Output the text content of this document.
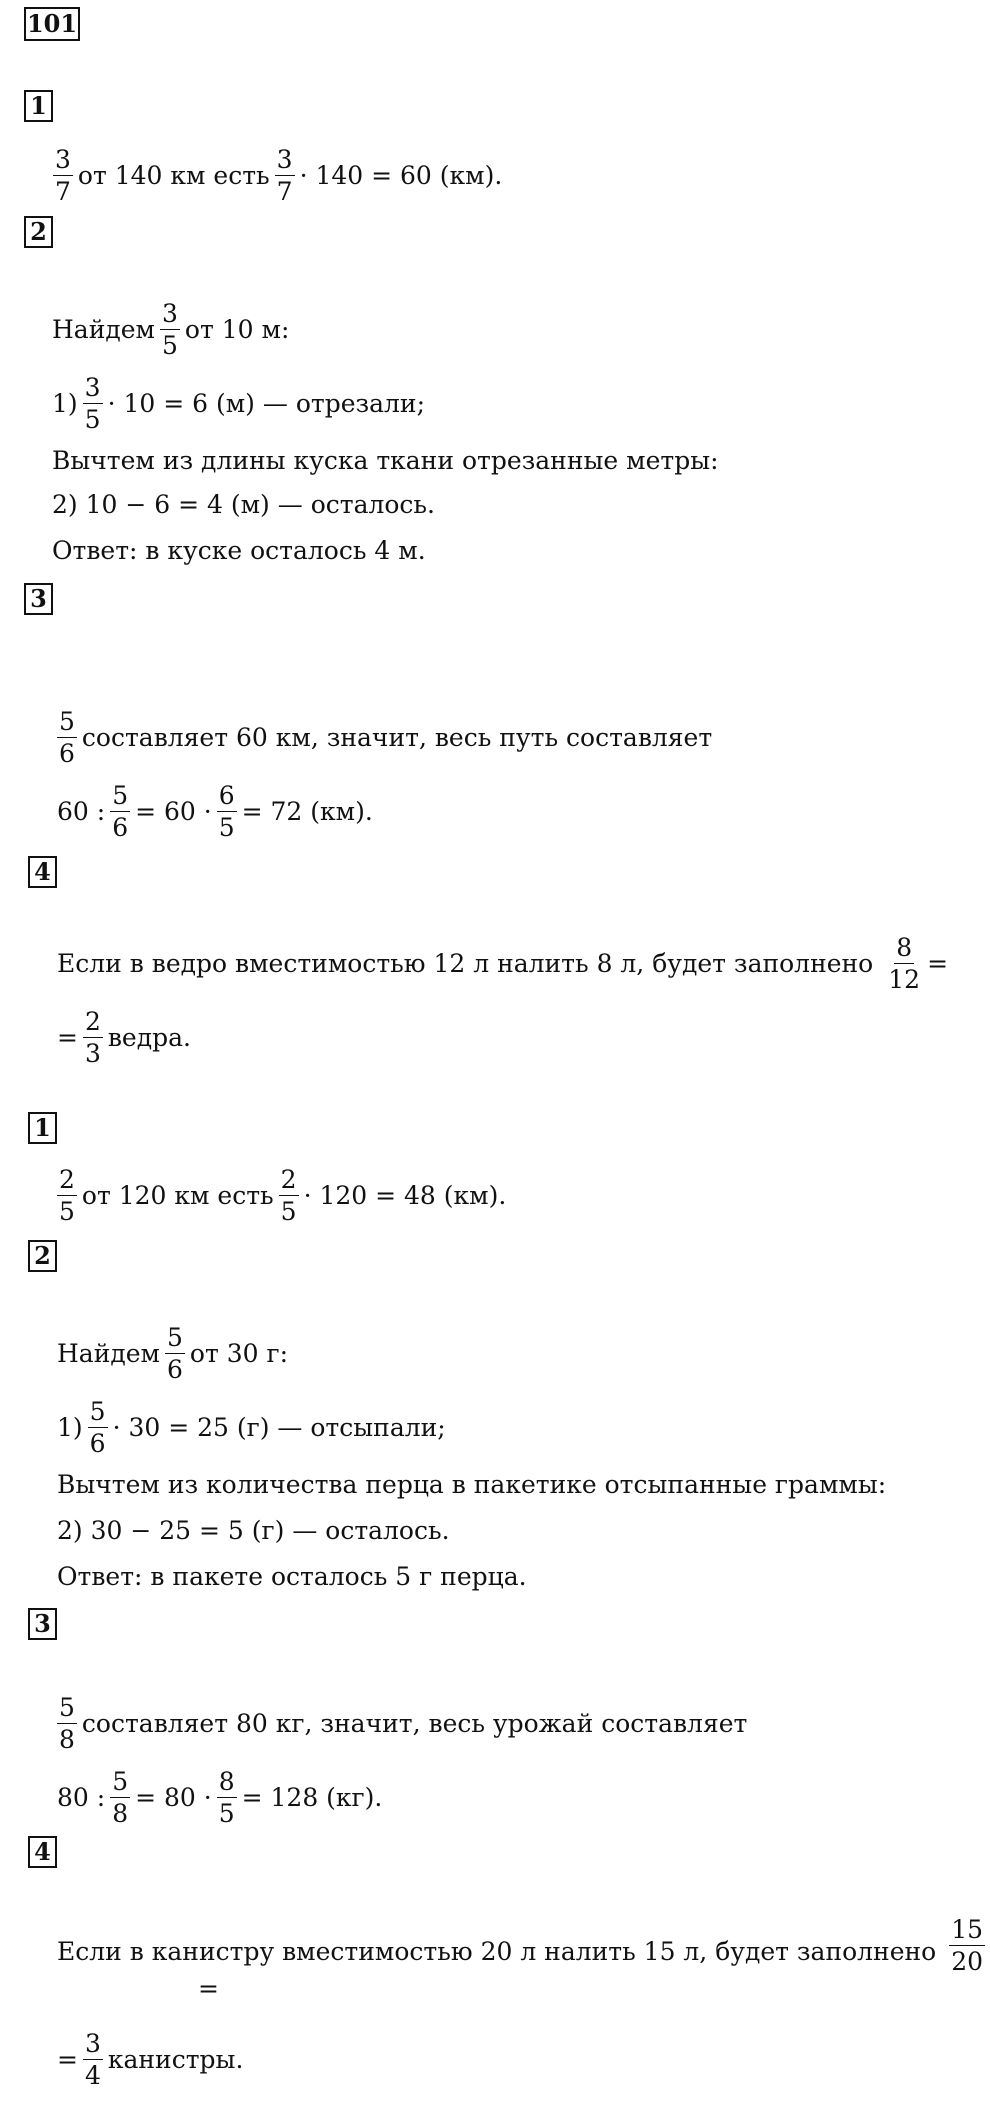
101
1
$\frac{3}{7}$ от 140 км есть $\frac{3}{7} \cdot 140 = 60$ (км).
2
Найдем $\frac{3}{5}$ от 10 м:
$1) \frac{3}{5} \cdot 10 = 6$ (м) — отрезали;
Вычтем из длины куска ткани отрезанные метры:
2) 10 − 6 = 4 (м) — осталось.
Ответ: в куске осталось 4 м.
3
$\frac{5}{6}$ составляет 60 км, значит, весь путь составляет
60 : $\frac{5}{6} = 60 \cdot \frac{6}{5} = 72$ (км).
4
Если в ведро вместимостью 12 л налить 8 л, будет заполнено $\frac{8}{12}$ =
= $\frac{2}{3}$ ведра.
1
$\frac{2}{5}$ от 120 км есть $\frac{2}{5} \cdot 120 = 48$ (км).
2
Найдем $\frac{5}{6}$ от 30 г:
$1) \frac{5}{6} \cdot 30 = 25$ (г) — отсыпали;
Вычтем из количества перца в пакетике отсыпанные граммы:
2) 30 − 25 = 5 (г) — осталось.
Ответ: в пакете осталось 5 г перца.
3
$\frac{5}{8}$ составляет 80 кг, значит, весь урожай составляет
80 : $\frac{5}{8} = 80 \cdot \frac{8}{5} = 128$ (кг).
4
Если в канистру вместимостью 20 л налить 15 л, будет заполнено $\frac{15}{20}$
=
= $\frac{3}{4}$ канистры.
